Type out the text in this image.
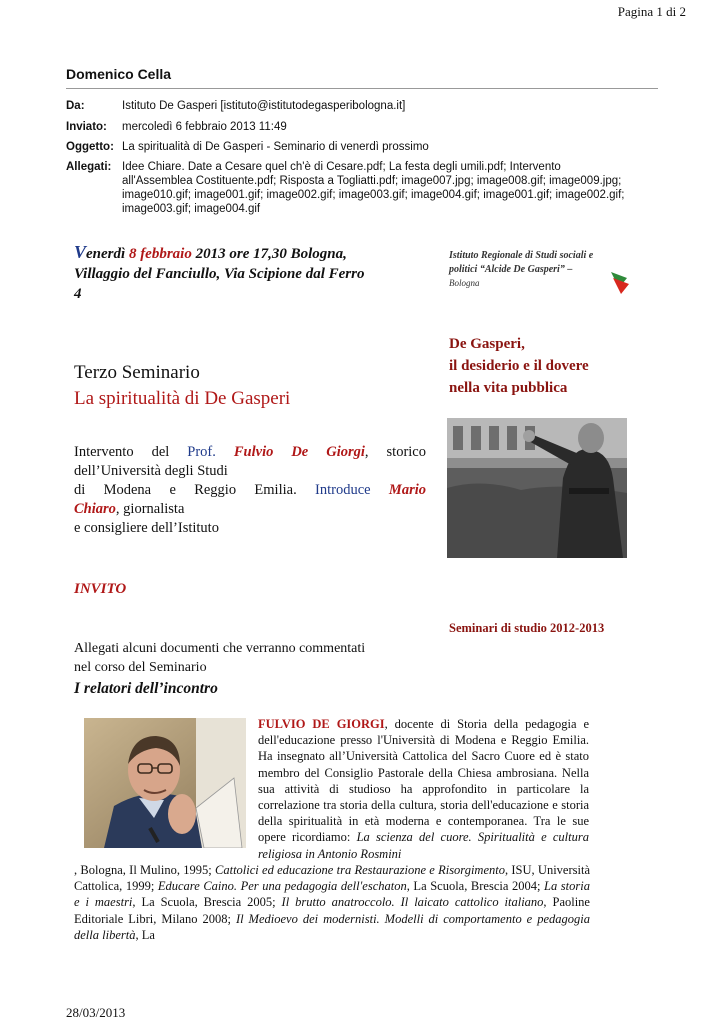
Pagina 1 di 2
Domenico Cella
Da:	Istituto De Gasperi [istituto@istitutodegasperibologna.it]
Inviato: mercoledì 6 febbraio 2013 11:49
Oggetto: La spiritualità di De Gasperi - Seminario di venerdì prossimo
Allegati: Idee Chiare. Date a Cesare quel ch'è di Cesare.pdf; La festa degli umili.pdf; Intervento
all'Assemblea Costituente.pdf; Risposta a Togliatti.pdf; image007.jpg; image008.gif; image009.jpg;
image010.gif; image001.gif; image002.gif; image003.gif; image004.gif; image001.gif; image002.gif;
image003.gif; image004.gif
Venerdì 8 febbraio 2013 ore 17,30 Bologna,
Villaggio del Fanciullo, Via Scipione dal Ferro
4
Terzo Seminario
La spiritualità di De Gasperi
Intervento del Prof. Fulvio De Giorgi, storico
dell’Università degli Studi
di Modena e Reggio Emilia. Introduce Mario
Chiaro, giornalista
e consigliere dell’Istituto
INVITO
Allegati alcuni documenti che verranno commentati
nel corso del Seminario
I relatori dell’incontro
FULVIO DE GIORGI, docente di Storia della pedagogia e dell'educazione presso l'Università di Modena e Reggio Emilia. Ha insegnato all’Università Cattolica del Sacro Cuore ed è stato membro del Consiglio Pastorale della Chiesa ambrosiana. Nella sua attività di studioso ha approfondito in particolare la correlazione tra storia della cultura, storia dell'educazione e storia della spiritualità in età moderna e contemporanea. Tra le sue opere ricordiamo: La scienza del cuore. Spiritualità e cultura religiosa in Antonio Rosmini
, Bologna, Il Mulino, 1995; Cattolici ed educazione tra Restaurazione e Risorgimento, ISU, Università Cattolica, 1999; Educare Caino. Per una pedagogia dell'eschaton, La Scuola, Brescia 2004; La storia e i maestri, La Scuola, Brescia 2005; Il brutto anatroccolo. Il laicato cattolico italiano, Paoline Editoriale Libri, Milano 2008; Il Medioevo dei modernisti. Modelli di comportamento e pedagogia della libertà, La
Istituto Regionale di Studi sociali e
politici “Alcide De Gasperi” –
Bologna
De Gasperi,
il desiderio e il dovere
nella vita pubblica
Seminari di studio 2012-2013
28/03/2013
